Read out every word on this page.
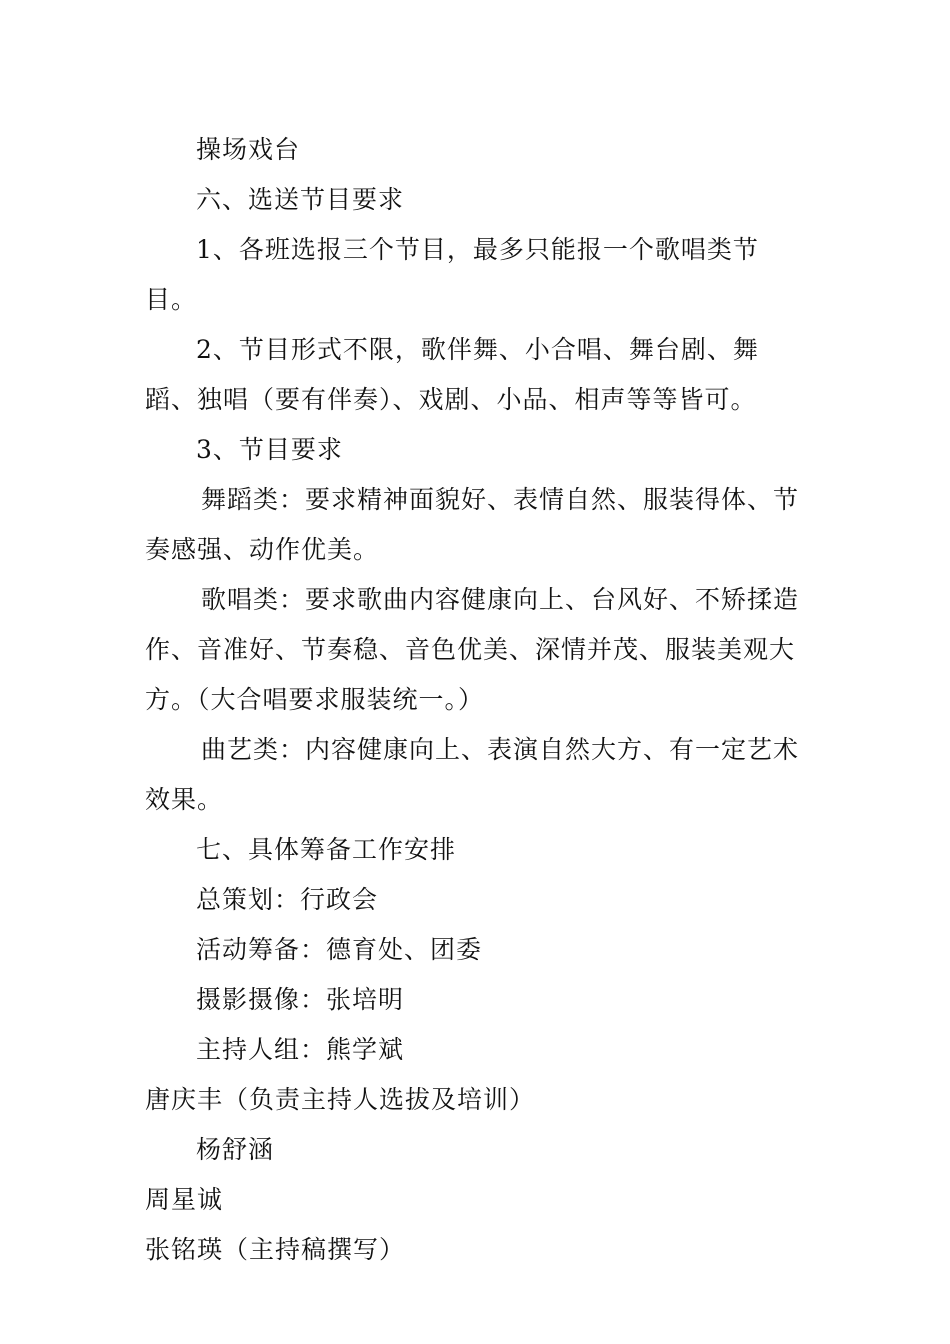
操场戏台

六、选送节目要求

1、各班选报三个节目，最多只能报一个歌唱类节目。

2、节目形式不限，歌伴舞、小合唱、舞台剧、舞蹈、独唱（要有伴奏）、戏剧、小品、相声等等皆可。

3、节目要求

舞蹈类：要求精神面貌好、表情自然、服装得体、节奏感强、动作优美。

歌唱类：要求歌曲内容健康向上、台风好、不矫揉造作、音准好、节奏稳、音色优美、深情并茂、服装美观大方。（大合唱要求服装统一。）

曲艺类：内容健康向上、表演自然大方、有一定艺术效果。

七、具体筹备工作安排

总策划：行政会

活动筹备：德育处、团委

摄影摄像：张培明

主持人组：熊学斌

唐庆丰（负责主持人选拔及培训）

杨舒涵

周星诚

张铭瑛（主持稿撰写）
